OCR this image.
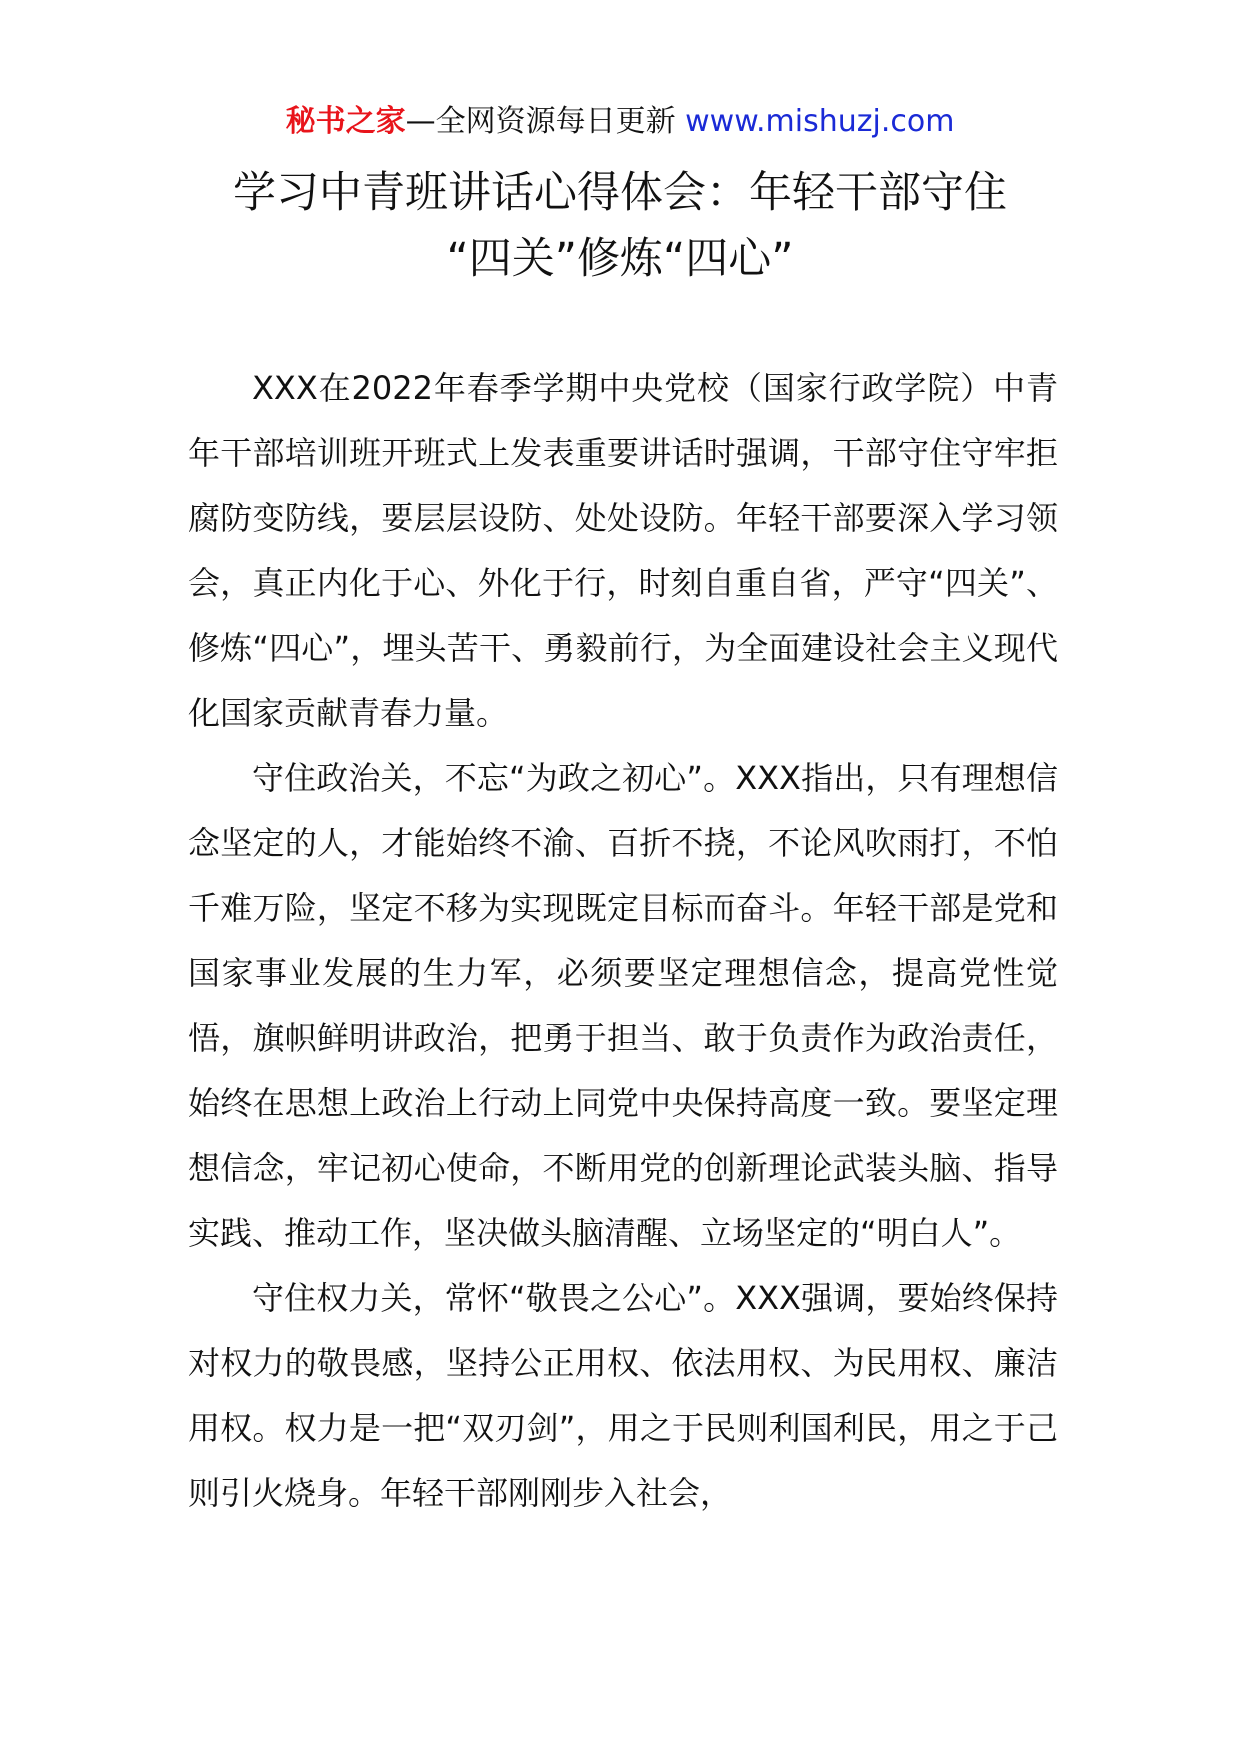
秘书之家—全网资源每日更新 www.mishuzj.com
学习中青班讲话心得体会：年轻干部守住
“四关”修炼“四心”

XXX在2022年春季学期中央党校（国家行政学院）中青年干部培训班开班式上发表重要讲话时强调，干部守住守牢拒腐防变防线，要层层设防、处处设防。年轻干部要深入学习领会，真正内化于心、外化于行，时刻自重自省，严守“四关”、修炼“四心”，埋头苦干、勇毅前行，为全面建设社会主义现代化国家贡献青春力量。

守住政治关，不忘“为政之初心”。XXX指出，只有理想信念坚定的人，才能始终不渝、百折不挠，不论风吹雨打，不怕千难万险，坚定不移为实现既定目标而奋斗。年轻干部是党和国家事业发展的生力军，必须要坚定理想信念，提高党性觉悟，旗帜鲜明讲政治，把勇于担当、敢于负责作为政治责任，始终在思想上政治上行动上同党中央保持高度一致。要坚定理想信念，牢记初心使命，不断用党的创新理论武装头脑、指导实践、推动工作，坚决做头脑清醒、立场坚定的“明白人”。

守住权力关，常怀“敬畏之公心”。XXX强调，要始终保持对权力的敬畏感，坚持公正用权、依法用权、为民用权、廉洁用权。权力是一把“双刃剑”，用之于民则利国利民，用之于己则引火烧身。年轻干部刚刚步入社会，
